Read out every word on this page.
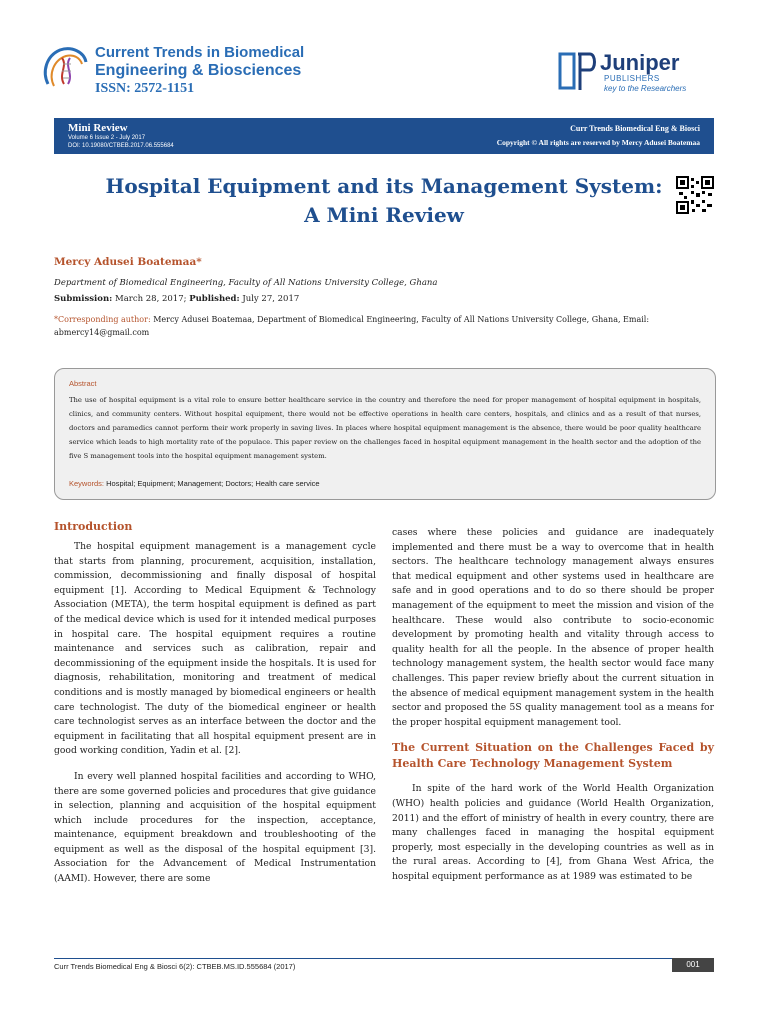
Current Trends in Biomedical
Engineering & Biosciences
ISSN: 2572-1151
Juniper
PUBLISHERS
key to the Researchers
Mini Review
Volume 6 Issue 2 - July 2017
DOI: 10.19080/CTBEB.2017.06.555684
Curr Trends Biomedical Eng & Biosci
Copyright © All rights are reserved by Mercy Adusei Boatemaa
Hospital Equipment and its Management System:
A Mini Review
Mercy Adusei Boatemaa*
Department of Biomedical Engineering, Faculty of All Nations University College, Ghana
Submission: March 28, 2017; Published: July 27, 2017
*Corresponding author: Mercy Adusei Boatemaa, Department of Biomedical Engineering, Faculty of All Nations University College, Ghana, Email: abmercy14@gmail.com
Abstract
The use of hospital equipment is a vital role to ensure better healthcare service in the country and therefore the need for proper management of hospital equipment in hospitals, clinics, and community centers. Without hospital equipment, there would not be effective operations in health care centers, hospitals, and clinics and as a result of that nurses, doctors and paramedics cannot perform their work properly in saving lives. In places where hospital equipment management is the absence, there would be poor quality healthcare service which leads to high mortality rate of the populace. This paper review on the challenges faced in hospital equipment management in the health sector and the adoption of the five S management tools into the hospital equipment management system.
Keywords: Hospital; Equipment; Management; Doctors; Health care service
Introduction

The hospital equipment management is a management cycle that starts from planning, procurement, acquisition, installation, commission, decommissioning and finally disposal of hospital equipment [1]. According to Medical Equipment & Technology Association (META), the term hospital equipment is defined as part of the medical device which is used for it intended medical purposes in hospital care. The hospital equipment requires a routine maintenance and services such as calibration, repair and decommissioning of the equipment inside the hospitals. It is used for diagnosis, rehabilitation, monitoring and treatment of medical conditions and is mostly managed by biomedical engineers or health care technologist. The duty of the biomedical engineer or health care technologist serves as an interface between the doctor and the equipment in facilitating that all hospital equipment present are in good working condition, Yadin et al. [2].

In every well planned hospital facilities and according to WHO, there are some governed policies and procedures that give guidance in selection, planning and acquisition of the hospital equipment which include procedures for the inspection, acceptance, maintenance, equipment breakdown and troubleshooting of the equipment as well as the disposal of the hospital equipment [3]. Association for the Advancement of Medical Instrumentation (AAMI). However, there are some

cases where these policies and guidance are inadequately implemented and there must be a way to overcome that in health sectors. The healthcare technology management always ensures that medical equipment and other systems used in healthcare are safe and in good operations and to do so there should be proper management of the equipment to meet the mission and vision of the healthcare. These would also contribute to socio-economic development by promoting health and vitality through access to quality health for all the people. In the absence of proper health technology management system, the health sector would face many challenges. This paper review briefly about the current situation in the absence of medical equipment management system in the health sector and proposed the 5S quality management tool as a means for the proper hospital equipment management tool.

The Current Situation on the Challenges Faced by Health Care Technology Management System

In spite of the hard work of the World Health Organization (WHO) health policies and guidance (World Health Organization, 2011) and the effort of ministry of health in every country, there are many challenges faced in managing the hospital equipment properly, most especially in the developing countries as well as in the rural areas. According to [4], from Ghana West Africa, the hospital equipment performance as at 1989 was estimated to be

Curr Trends Biomedical Eng & Biosci 6(2): CTBEB.MS.ID.555684 (2017)	001
